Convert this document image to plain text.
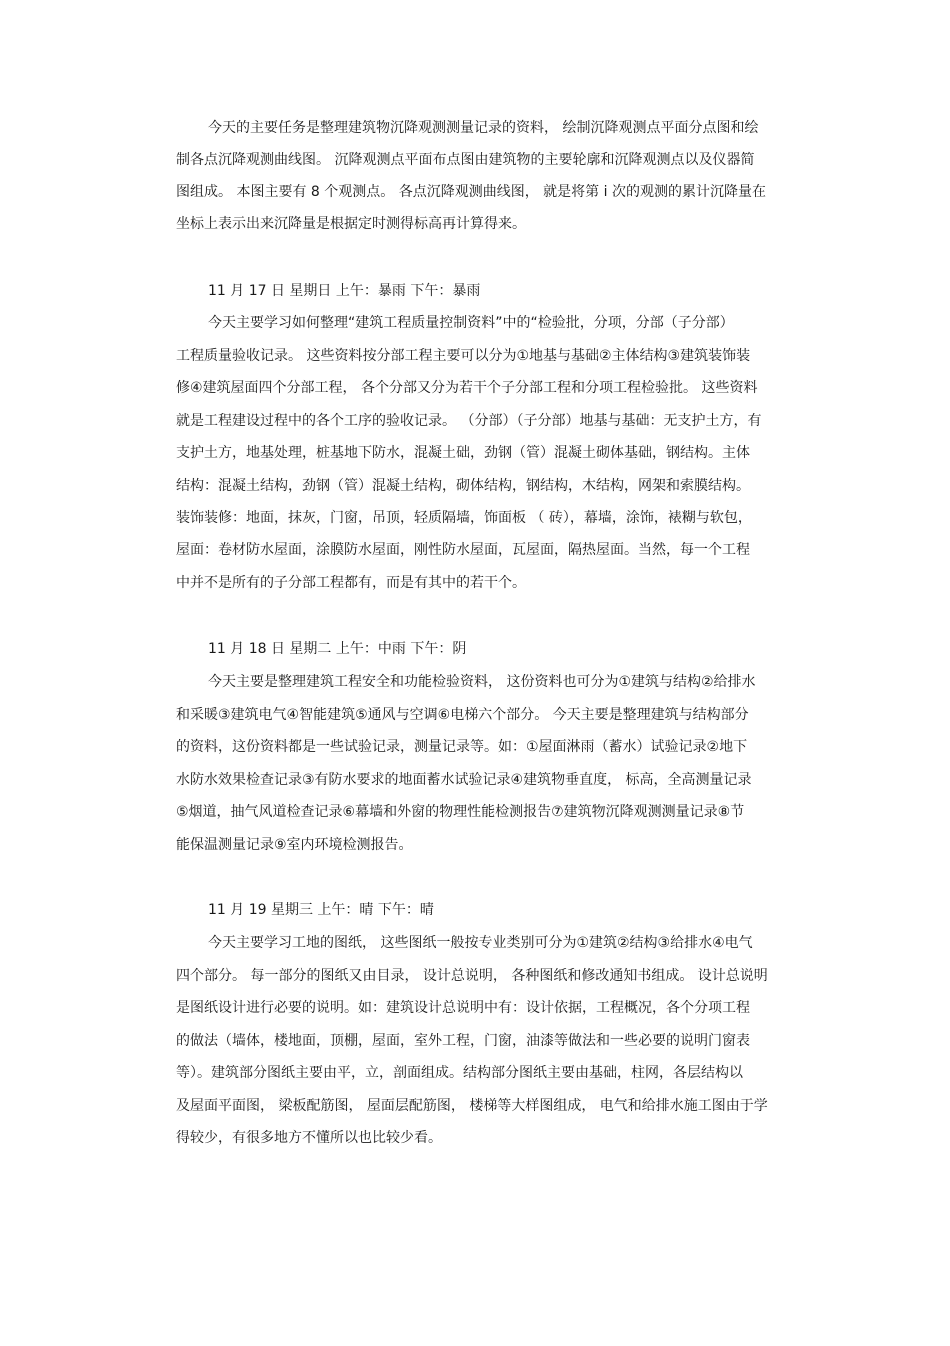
今天的主要任务是整理建筑物沉降观测测量记录的资料， 绘制沉降观测点平面分点图和绘
制各点沉降观测曲线图。 沉降观测点平面布点图由建筑物的主要轮廓和沉降观测点以及仪器简
图组成。 本图主要有 8 个观测点。 各点沉降观测曲线图， 就是将第 i 次的观测的累计沉降量在
坐标上表示出来沉降量是根据定时测得标高再计算得来。
11 月 17 日 星期日 上午：暴雨 下午：暴雨
今天主要学习如何整理“建筑工程质量控制资料”中的“检验批，分项，分部（子分部）
工程质量验收记录。 这些资料按分部工程主要可以分为①地基与基础②主体结构③建筑装饰装
修④建筑屋面四个分部工程， 各个分部又分为若干个子分部工程和分项工程检验批。 这些资料
就是工程建设过程中的各个工序的验收记录。 （分部）（子分部）地基与基础：无支护土方，有
支护土方，地基处理，桩基地下防水，混凝土础，劲钢（管）混凝土砌体基础，钢结构。主体
结构：混凝土结构，劲钢（管）混凝土结构，砌体结构，钢结构，木结构，网架和索膜结构。
装饰装修：地面，抹灰，门窗，吊顶，轻质隔墙，饰面板 （ 砖），幕墙，涂饰，裱糊与软包，
屋面：卷材防水屋面，涂膜防水屋面，刚性防水屋面，瓦屋面，隔热屋面。当然，每一个工程
中并不是所有的子分部工程都有，而是有其中的若干个。
11 月 18 日 星期二 上午：中雨 下午：阴
今天主要是整理建筑工程安全和功能检验资料， 这份资料也可分为①建筑与结构②给排水
和采暖③建筑电气④智能建筑⑤通风与空调⑥电梯六个部分。 今天主要是整理建筑与结构部分
的资料，这份资料都是一些试验记录，测量记录等。如：①屋面淋雨（蓄水）试验记录②地下
水防水效果检查记录③有防水要求的地面蓄水试验记录④建筑物垂直度， 标高，全高测量记录
⑤烟道，抽气风道检查记录⑥幕墙和外窗的物理性能检测报告⑦建筑物沉降观测测量记录⑧节
能保温测量记录⑨室内环境检测报告。
11 月 19 星期三 上午：晴 下午：晴
今天主要学习工地的图纸， 这些图纸一般按专业类别可分为①建筑②结构③给排水④电气
四个部分。 每一部分的图纸又由目录， 设计总说明， 各种图纸和修改通知书组成。 设计总说明
是图纸设计进行必要的说明。如：建筑设计总说明中有：设计依据，工程概况，各个分项工程
的做法（墙体，楼地面，顶棚，屋面，室外工程，门窗，油漆等做法和一些必要的说明门窗表
等）。建筑部分图纸主要由平，立，剖面组成。结构部分图纸主要由基础，柱网，各层结构以
及屋面平面图， 梁板配筋图， 屋面层配筋图， 楼梯等大样图组成， 电气和给排水施工图由于学
得较少，有很多地方不懂所以也比较少看。
